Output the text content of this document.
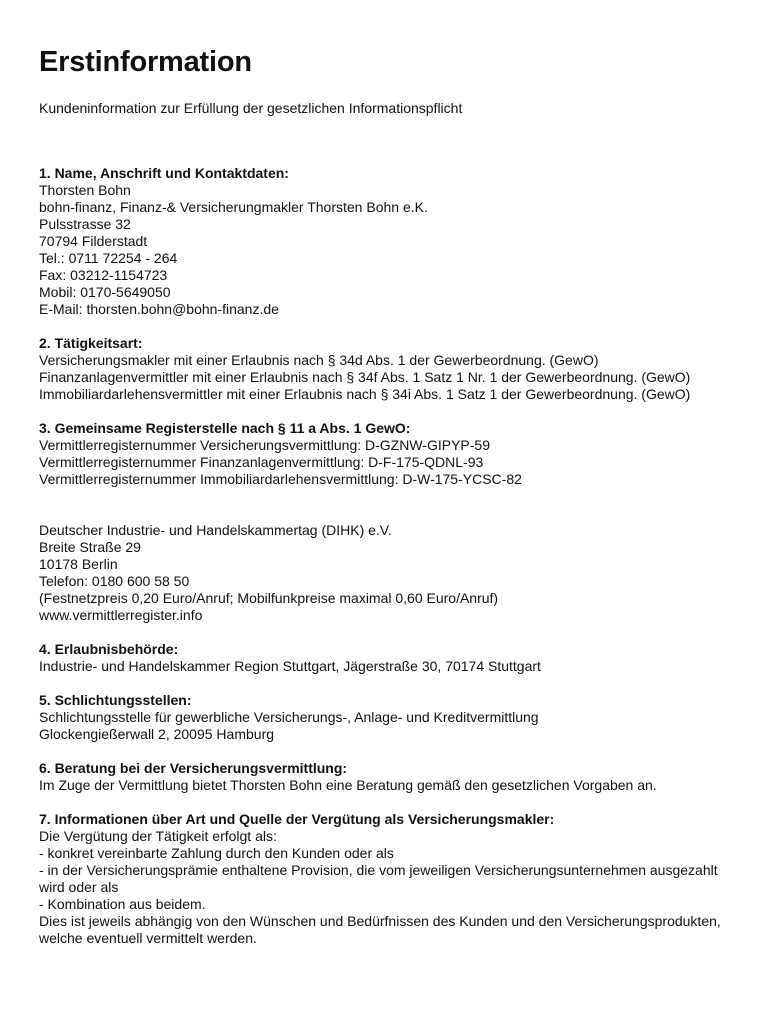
Erstinformation
Kundeninformation zur Erfüllung der gesetzlichen Informationspflicht
1. Name, Anschrift und Kontaktdaten:
Thorsten Bohn
bohn-finanz, Finanz-& Versicherungmakler Thorsten Bohn e.K.
Pulsstrasse 32
70794 Filderstadt
Tel.: 0711 72254 - 264
Fax: 03212-1154723
Mobil: 0170-5649050
E-Mail: thorsten.bohn@bohn-finanz.de
2. Tätigkeitsart:
Versicherungsmakler mit einer Erlaubnis nach § 34d Abs. 1 der Gewerbeordnung. (GewO)
Finanzanlagenvermittler mit einer Erlaubnis nach § 34f Abs. 1 Satz 1 Nr. 1 der Gewerbeordnung. (GewO)
Immobiliardarlehensvermittler mit einer Erlaubnis nach § 34i Abs. 1 Satz 1 der Gewerbeordnung. (GewO)
3. Gemeinsame Registerstelle nach § 11 a Abs. 1 GewO:
Vermittlerregisternummer Versicherungsvermittlung: D-GZNW-GIPYP-59
Vermittlerregisternummer Finanzanlagenvermittlung: D-F-175-QDNL-93
Vermittlerregisternummer Immobiliardarlehensvermittlung: D-W-175-YCSC-82
Deutscher Industrie- und Handelskammertag (DIHK) e.V.
Breite Straße 29
10178 Berlin
Telefon: 0180 600 58 50
(Festnetzpreis 0,20 Euro/Anruf; Mobilfunkpreise maximal 0,60 Euro/Anruf)
www.vermittlerregister.info
4. Erlaubnisbehörde:
Industrie- und Handelskammer Region Stuttgart, Jägerstraße 30, 70174 Stuttgart
5. Schlichtungsstellen:
Schlichtungsstelle für gewerbliche Versicherungs-, Anlage- und Kreditvermittlung
Glockengießerwall 2, 20095 Hamburg
6. Beratung bei der Versicherungsvermittlung:
Im Zuge der Vermittlung bietet Thorsten Bohn eine Beratung gemäß den gesetzlichen Vorgaben an.
7. Informationen über Art und Quelle der Vergütung als Versicherungsmakler:
Die Vergütung der Tätigkeit erfolgt als:
- konkret vereinbarte Zahlung durch den Kunden oder als
- in der Versicherungsprämie enthaltene Provision, die vom jeweiligen Versicherungsunternehmen ausgezahlt wird oder als
- Kombination aus beidem.
Dies ist jeweils abhängig von den Wünschen und Bedürfnissen des Kunden und den Versicherungsprodukten, welche eventuell vermittelt werden.
